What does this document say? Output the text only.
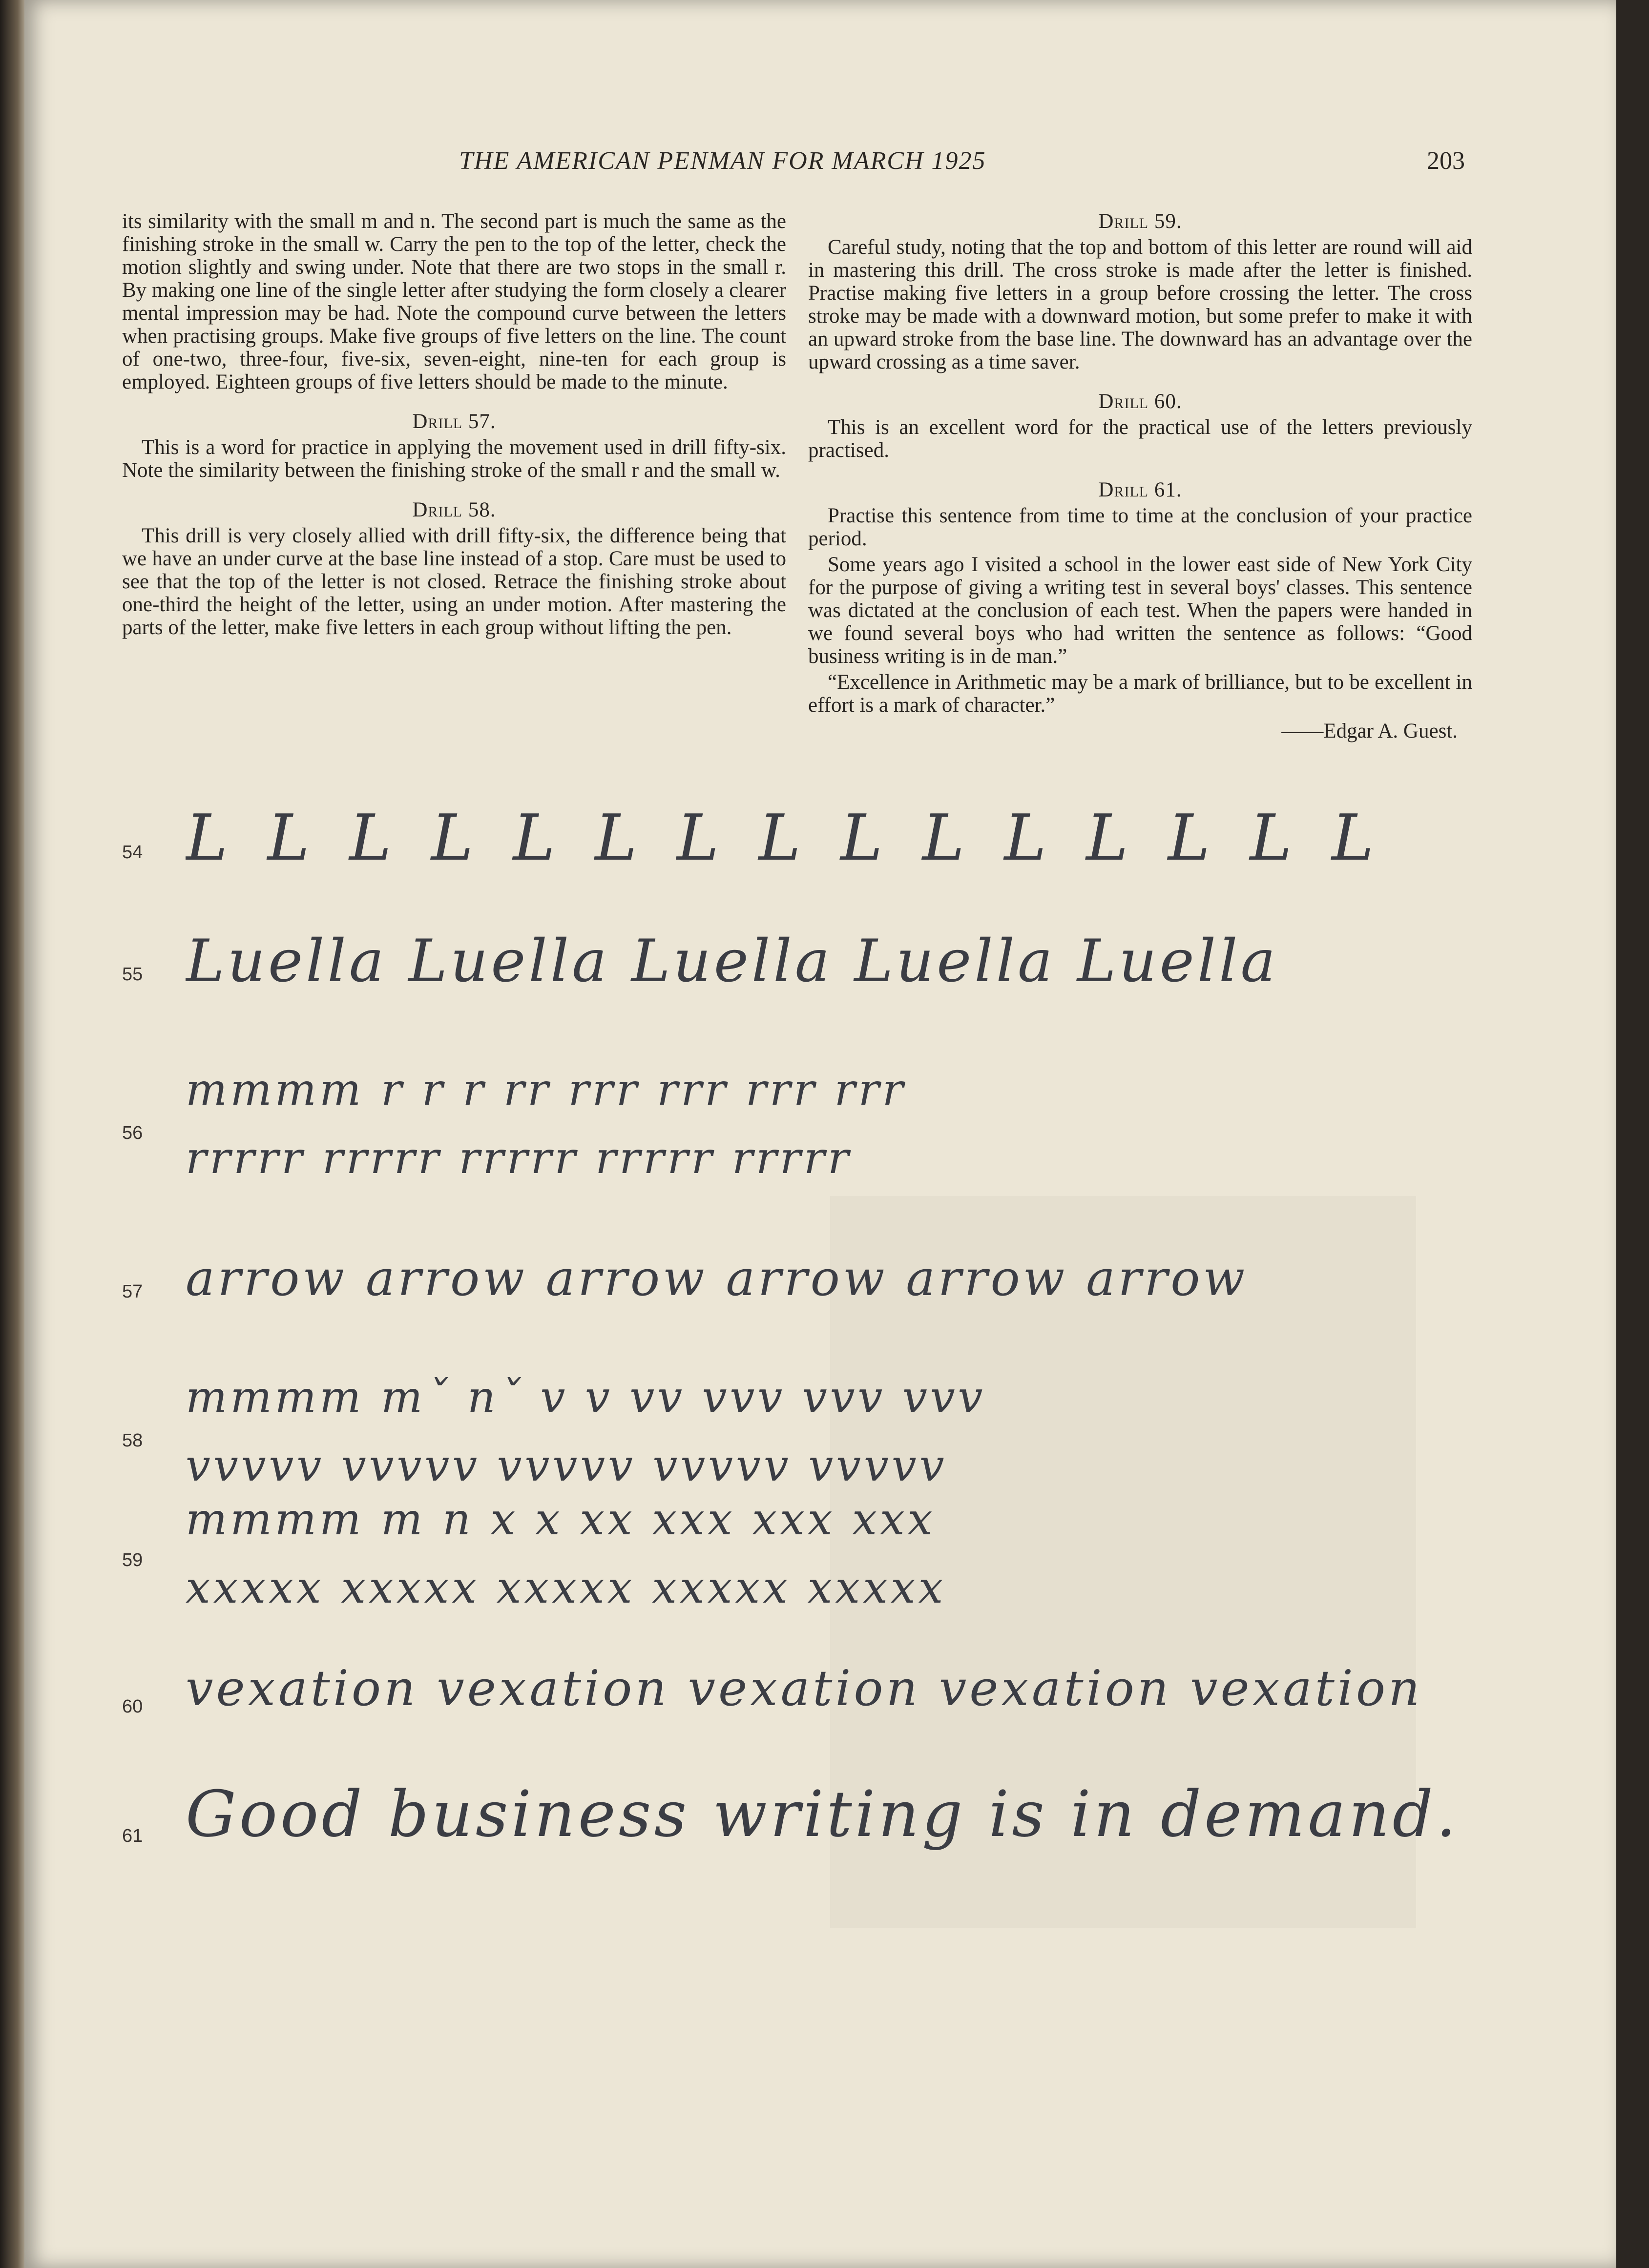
THE AMERICAN PENMAN FOR MARCH 1925	203

its similarity with the small m and n. The second part is much the same as the finishing stroke in the small w. Carry the pen to the top of the letter, check the motion slightly and swing under. Note that there are two stops in the small r. By making one line of the single letter after studying the form closely a clearer mental impression may be had. Note the compound curve between the letters when practising groups. Make five groups of five letters on the line. The count of one-two, three-four, five-six, seven-eight, nine-ten for each group is employed. Eighteen groups of five letters should be made to the minute.

Drill 57.

This is a word for practice in applying the movement used in drill fifty-six. Note the similarity between the finishing stroke of the small r and the small w.

Drill 58.

This drill is very closely allied with drill fifty-six, the difference being that we have an under curve at the base line instead of a stop. Care must be used to see that the top of the letter is not closed. Retrace the finishing stroke about one-third the height of the letter, using an under motion. After mastering the parts of the letter, make five letters in each group without lifting the pen.

Drill 59.

Careful study, noting that the top and bottom of this letter are round will aid in mastering this drill. The cross stroke is made after the letter is finished. Practise making five letters in a group before crossing the letter. The cross stroke may be made with a downward motion, but some prefer to make it with an upward stroke from the base line. The downward has an advantage over the upward crossing as a time saver.

Drill 60.

This is an excellent word for the practical use of the letters previously practised.

Drill 61.

Practise this sentence from time to time at the conclusion of your practice period.

Some years ago I visited a school in the lower east side of New York City for the purpose of giving a writing test in several boys' classes. This sentence was dictated at the conclusion of each test. When the papers were handed in we found several boys who had written the sentence as follows: “Good business writing is in de man.”

“Excellence in Arithmetic may be a mark of brilliance, but to be excellent in effort is a mark of character.”

——Edgar A. Guest.

54 L L L L L L L L L L L L L L L
55 Luella Luella Luella Luella Luella
56
mmmm r r r rr rrr rrr rrr rrr
rrrrr rrrrr rrrrr rrrrr rrrrr
57 arrow arrow arrow arrow arrow arrow
58
mmmm mˇ nˇ v v vv vvv vvv vvv
vvvvv vvvvv vvvvv vvvvv vvvvv
59
mmmm m n x x xx xxx xxx xxx
xxxxx xxxxx xxxxx xxxxx xxxxx
60 vexation vexation vexation vexation vexation
61 Good business writing is in demand.
